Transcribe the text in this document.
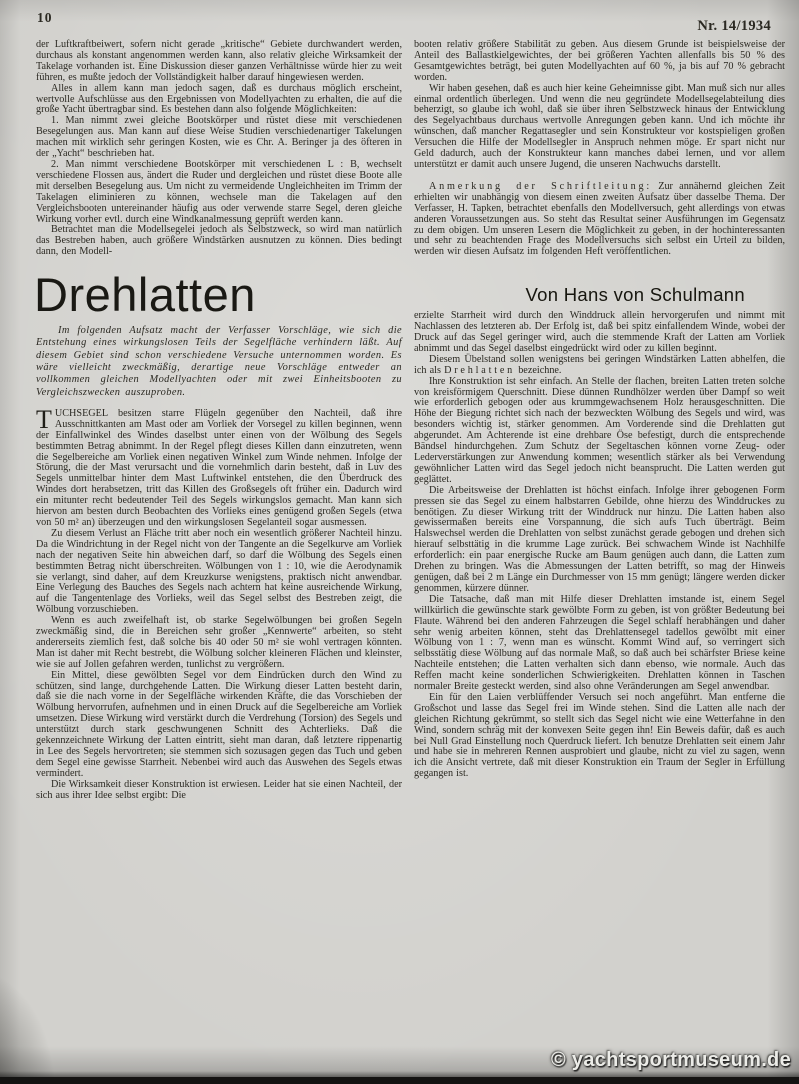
10
Nr. 14/1934

der Luftkraftbeiwert, sofern nicht gerade „kritische“ Gebiete durchwandert werden, durchaus als konstant angenommen werden kann, also relativ gleiche Wirksamkeit der Takelage vorhanden ist. Eine Diskussion dieser ganzen Verhältnisse würde hier zu weit führen, es mußte jedoch der Vollständigkeit halber darauf hingewiesen werden.

Alles in allem kann man jedoch sagen, daß es durchaus möglich erscheint, wertvolle Aufschlüsse aus den Ergebnissen von Modellyachten zu erhalten, die auf die große Yacht übertragbar sind. Es bestehen dann also folgende Möglichkeiten:

1. Man nimmt zwei gleiche Bootskörper und rüstet diese mit verschiedenen Besegelungen aus. Man kann auf diese Weise Studien verschiedenartiger Takelungen machen mit wirklich sehr geringen Kosten, wie es Chr. A. Beringer ja des öfteren in der „Yacht“ beschrieben hat.

2. Man nimmt verschiedene Bootskörper mit verschiedenen L : B, wechselt verschiedene Flossen aus, ändert die Ruder und dergleichen und rüstet diese Boote alle mit derselben Besegelung aus. Um nicht zu vermeidende Ungleichheiten im Trimm der Takelagen eliminieren zu können, wechsele man die Takelagen auf den Vergleichsbooten untereinander häufig aus oder verwende starre Segel, deren gleiche Wirkung vorher evtl. durch eine Windkanalmessung geprüft werden kann.

Betrachtet man die Modellsegelei jedoch als Selbstzweck, so wird man natürlich das Bestreben haben, auch größere Windstärken ausnutzen zu können. Dies bedingt dann, den Modell-

Drehlatten

Im folgenden Aufsatz macht der Verfasser Vorschläge, wie sich die Entstehung eines wirkungslosen Teils der Segelfläche verhindern läßt. Auf diesem Gebiet sind schon verschiedene Versuche unternommen worden. Es wäre vielleicht zweckmäßig, derartige neue Vorschläge entweder an vollkommen gleichen Modellyachten oder mit zwei Einheitsbooten zu Vergleichszwecken auszuproben.

TUCHSEGEL besitzen starre Flügeln gegenüber den Nachteil, daß ihre Ausschnittkanten am Mast oder am Vorliek der Vorsegel zu killen beginnen, wenn der Einfallwinkel des Windes daselbst unter einen von der Wölbung des Segels bestimmten Betrag abnimmt. In der Regel pflegt dieses Killen dann einzutreten, wenn die Segelbereiche am Vorliek einen negativen Winkel zum Winde nehmen. Infolge der Störung, die der Mast verursacht und die vornehmlich darin besteht, daß in Luv des Segels unmittelbar hinter dem Mast Luftwinkel entstehen, die den Überdruck des Windes dort herabsetzen, tritt das Killen des Großsegels oft früher ein. Dadurch wird ein mitunter recht bedeutender Teil des Segels wirkungslos gemacht. Man kann sich hiervon am besten durch Beobachten des Vorlieks eines genügend großen Segels (etwa von 50 m² an) überzeugen und den wirkungslosen Segelanteil sogar ausmessen.

Zu diesem Verlust an Fläche tritt aber noch ein wesentlich größerer Nachteil hinzu. Da die Windrichtung in der Regel nicht von der Tangente an die Segelkurve am Vorliek nach der negativen Seite hin abweichen darf, so darf die Wölbung des Segels einen bestimmten Betrag nicht überschreiten. Wölbungen von 1 : 10, wie die Aerodynamik sie verlangt, sind daher, auf dem Kreuzkurse wenigstens, praktisch nicht anwendbar. Eine Verlegung des Bauches des Segels nach achtern hat keine ausreichende Wirkung, auf die Tangentenlage des Vorlieks, weil das Segel selbst des Bestreben zeigt, die Wölbung vorzuschieben.

Wenn es auch zweifelhaft ist, ob starke Segelwölbungen bei großen Segeln zweckmäßig sind, die in Bereichen sehr großer „Kennwerte“ arbeiten, so steht andererseits ziemlich fest, daß solche bis 40 oder 50 m² sie wohl vertragen könnten. Man ist daher mit Recht bestrebt, die Wölbung solcher kleineren Flächen und kleinster, wie sie auf Jollen gefahren werden, tunlichst zu vergrößern.

Ein Mittel, diese gewölbten Segel vor dem Eindrücken durch den Wind zu schützen, sind lange, durchgehende Latten. Die Wirkung dieser Latten besteht darin, daß sie die nach vorne in der Segelfläche wirkenden Kräfte, die das Vorschieben der Wölbung hervorrufen, aufnehmen und in einen Druck auf die Segelbereiche am Vorliek umsetzen. Diese Wirkung wird verstärkt durch die Verdrehung (Torsion) des Segels und unterstützt durch stark geschwungenen Schnitt des Achterlieks. Daß die gekennzeichnete Wirkung der Latten eintritt, sieht man daran, daß letztere rippenartig in Lee des Segels hervortreten; sie stemmen sich sozusagen gegen das Tuch und geben dem Segel eine gewisse Starrheit. Nebenbei wird auch das Auswehen des Segels etwas vermindert.

Die Wirksamkeit dieser Konstruktion ist erwiesen. Leider hat sie einen Nachteil, der sich aus ihrer Idee selbst ergibt: Die

booten relativ größere Stabilität zu geben. Aus diesem Grunde ist beispielsweise der Anteil des Ballastkielgewichtes, der bei größeren Yachten allenfalls bis 50 % des Gesamtgewichtes beträgt, bei guten Modellyachten auf 60 %, ja bis auf 70 % gebracht worden.

Wir haben gesehen, daß es auch hier keine Geheimnisse gibt. Man muß sich nur alles einmal ordentlich überlegen. Und wenn die neu gegründete Modellsegelabteilung dies beherzigt, so glaube ich wohl, daß sie über ihren Selbstzweck hinaus der Entwicklung des Segelyachtbaus durchaus wertvolle Anregungen geben kann. Und ich möchte ihr wünschen, daß mancher Regattasegler und sein Konstrukteur vor kostspieligen großen Versuchen die Hilfe der Modellsegler in Anspruch nehmen möge. Er spart nicht nur Geld dadurch, auch der Konstrukteur kann manches dabei lernen, und vor allem unterstützt er damit auch unsere Jugend, die unseren Nachwuchs darstellt.

Anmerkung der Schriftleitung: Zur annähernd gleichen Zeit erhielten wir unabhängig von diesem einen zweiten Aufsatz über dasselbe Thema. Der Verfasser, H. Tapken, betrachtet ebenfalls den Modellversuch, geht allerdings von etwas anderen Voraussetzungen aus. So steht das Resultat seiner Ausführungen im Gegensatz zu dem obigen. Um unseren Lesern die Möglichkeit zu geben, in der hochinteressanten und sehr zu beachtenden Frage des Modellversuchs sich selbst ein Urteil zu bilden, werden wir diesen Aufsatz im folgenden Heft veröffentlichen.

Von Hans von Schulmann

erzielte Starrheit wird durch den Winddruck allein hervorgerufen und nimmt mit Nachlassen des letzteren ab. Der Erfolg ist, daß bei spitz einfallendem Winde, wobei der Druck auf das Segel geringer wird, auch die stemmende Kraft der Latten am Vorliek abnimmt und das Segel daselbst eingedrückt wird oder zu killen beginnt.

Diesem Übelstand sollen wenigstens bei geringen Windstärken Latten abhelfen, die ich als Drehlatten bezeichne.

Ihre Konstruktion ist sehr einfach. An Stelle der flachen, breiten Latten treten solche von kreisförmigem Querschnitt. Diese dünnen Rundhölzer werden über Dampf so weit wie erforderlich gebogen oder aus krummgewachsenem Holz herausgeschnitten. Die Höhe der Biegung richtet sich nach der bezweckten Wölbung des Segels und wird, was besonders wichtig ist, stärker genommen. Am Vorderende sind die Drehlatten gut abgerundet. Am Achterende ist eine drehbare Öse befestigt, durch die entsprechende Bändsel hindurchgehen. Zum Schutz der Segeltaschen können vorne Zeug- oder Lederverstärkungen zur Anwendung kommen; wesentlich stärker als bei Verwendung gewöhnlicher Latten wird das Segel jedoch nicht beansprucht. Die Latten werden gut geglättet.

Die Arbeitsweise der Drehlatten ist höchst einfach. Infolge ihrer gebogenen Form pressen sie das Segel zu einem halbstarren Gebilde, ohne hierzu des Winddruckes zu benötigen. Zu dieser Wirkung tritt der Winddruck nur hinzu. Die Latten haben also gewissermaßen bereits eine Vorspannung, die sich aufs Tuch überträgt. Beim Halswechsel werden die Drehlatten von selbst zunächst gerade gebogen und drehen sich hierauf selbsttätig in die krumme Lage zurück. Bei schwachem Winde ist Nachhilfe erforderlich: ein paar energische Rucke am Baum genügen auch dann, die Latten zum Drehen zu bringen. Was die Abmessungen der Latten betrifft, so mag der Hinweis genügen, daß bei 2 m Länge ein Durchmesser von 15 mm genügt; längere werden dicker genommen, kürzere dünner.

Die Tatsache, daß man mit Hilfe dieser Drehlatten imstande ist, einem Segel willkürlich die gewünschte stark gewölbte Form zu geben, ist von größter Bedeutung bei Flaute. Während bei den anderen Fahrzeugen die Segel schlaff herabhängen und daher sehr wenig arbeiten können, steht das Drehlattensegel tadellos gewölbt mit einer Wölbung von 1 : 7, wenn man es wünscht. Kommt Wind auf, so verringert sich selbsstätig diese Wölbung auf das normale Maß, so daß auch bei schärfster Briese keine Nachteile entstehen; die Latten verhalten sich dann ebenso, wie normale. Auch das Reffen macht keine sonderlichen Schwierigkeiten. Drehlatten können in Taschen normaler Breite gesteckt werden, sind also ohne Veränderungen am Segel anwendbar.

Ein für den Laien verblüffender Versuch sei noch angeführt. Man entferne die Großschot und lasse das Segel frei im Winde stehen. Sind die Latten alle nach der gleichen Richtung gekrümmt, so stellt sich das Segel nicht wie eine Wetterfahne in den Wind, sondern schräg mit der konvexen Seite gegen ihn! Ein Beweis dafür, daß es auch bei Null Grad Einstellung noch Querdruck liefert. Ich benutze Drehlatten seit einem Jahr und habe sie in mehreren Rennen ausprobiert und glaube, nicht zu viel zu sagen, wenn ich die Ansicht vertrete, daß mit dieser Konstruktion ein Traum der Segler in Erfüllung gegangen ist.

© yachtsportmuseum.de
